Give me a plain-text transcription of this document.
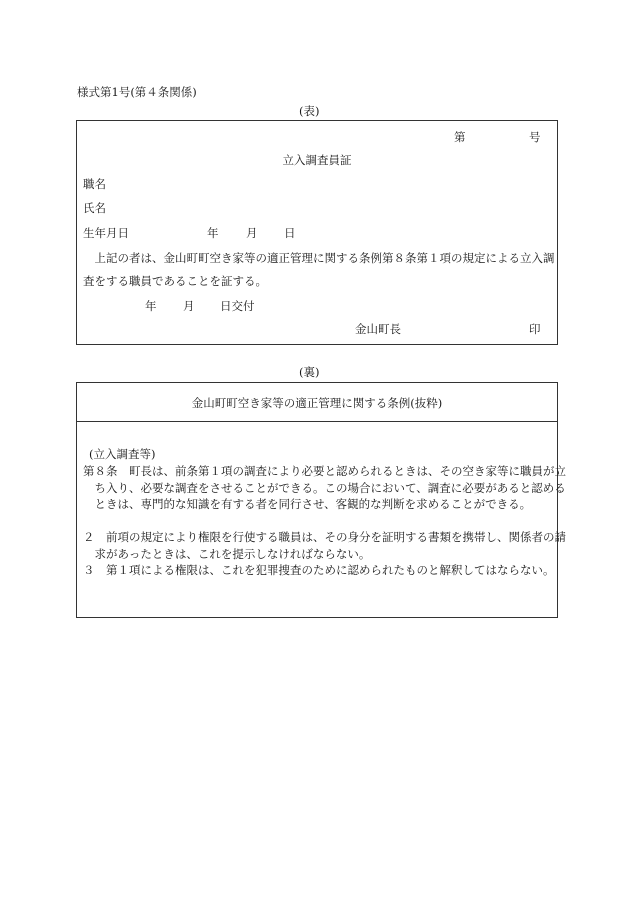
様式第1号(第４条関係)
(表)
第	号
立入調査員証
職名
氏名
生年月日	年 月 日
上記の者は、金山町町空き家等の適正管理に関する条例第８条第１項の規定による立入調査をする職員であることを証する。
年 月 日交付
金山町長	印
(裏)
金山町町空き家等の適正管理に関する条例(抜粋)
(立入調査等)
第８条　町長は、前条第１項の調査により必要と認められるときは、その空き家等に職員が立ち入り、必要な調査をさせることができる。この場合において、調査に必要があると認めるときは、専門的な知識を有する者を同行させ、客観的な判断を求めることができる。
２　前項の規定により権限を行使する職員は、その身分を証明する書類を携帯し、関係者の請求があったときは、これを提示しなければならない。
３　第１項による権限は、これを犯罪捜査のために認められたものと解釈してはならない。
